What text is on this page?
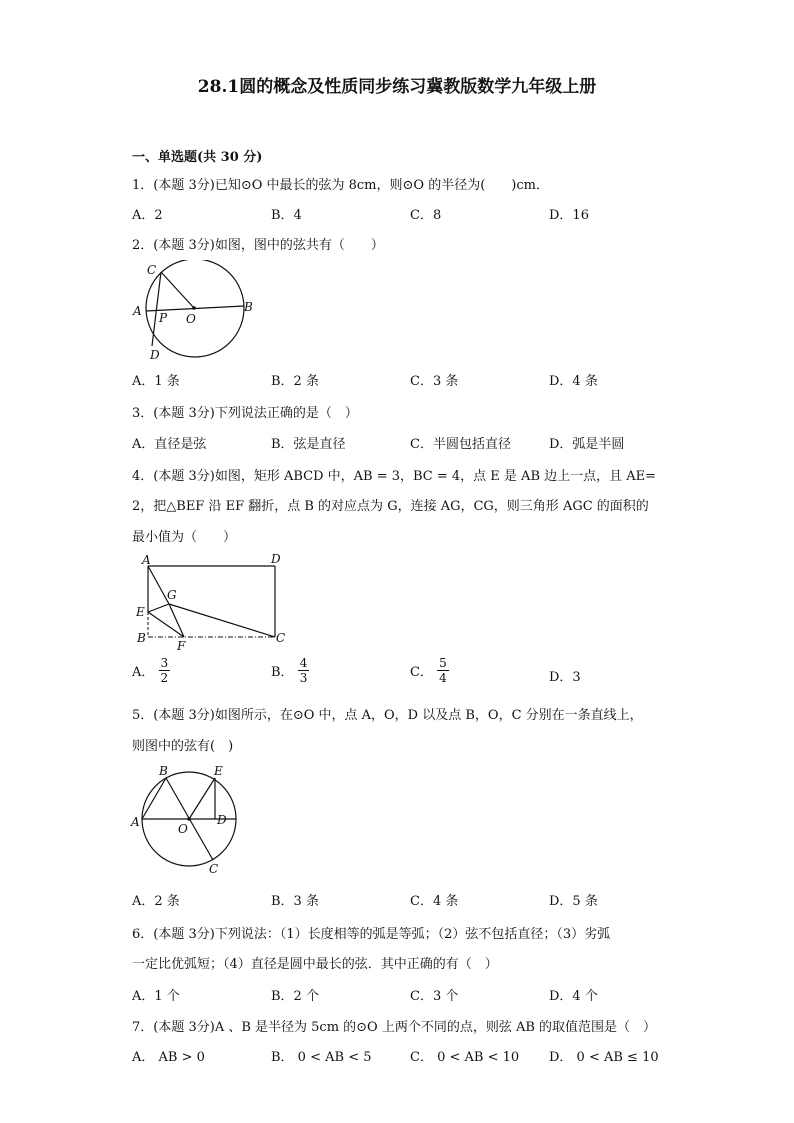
28.1圆的概念及性质同步练习冀教版数学九年级上册
一、单选题(共 30 分)
1．(本题 3分)已知⊙O 中最长的弦为 8cm，则⊙O 的半径为(　　)cm．
A．2	B．4	C．8	D．16
2．(本题 3分)如图，图中的弦共有（　　）
C
A P O
B
D
A．1 条	B．2 条	C．3 条	D．4 条
3．(本题 3分)下列说法正确的是（　）
A．直径是弦	B．弦是直径	C．半圆包括直径	D．弧是半圆
4．(本题 3分)如图，矩形 ABCD 中，AB = 3，BC = 4，点 E 是 AB 边上一点，且 AE=
2，把△BEF 沿 EF 翻折，点 B 的对应点为 G，连接 AG，CG，则三角形 AGC 的面积的
最小值为（　　）
A	D
G
E
B
F
C
A． $\frac{3}{2}$	B． $\frac{4}{3}$	C． $\frac{5}{4}$	D．3
5．(本题 3分)如图所示，在⊙O 中，点 A，O，D 以及点 B，O，C 分别在一条直线上，
则图中的弦有(　)
B	E
A	O
D
C
A．2 条	B．3 条	C．4 条	D．5 条
6．(本题 3分)下列说法：（1）长度相等的弧是等弧；（2）弦不包括直径；（3）劣弧
一定比优弧短；（4）直径是圆中最长的弦．其中正确的有（　）
A．1 个	B．2 个	C．3 个	D．4 个
7．(本题 3分)A 、B 是半径为 5cm 的⊙O 上两个不同的点，则弦 AB 的取值范围是（　）
A． AB > 0	B． 0 < AB < 5	C． 0 < AB < 10 D． 0 < AB ≤ 10
